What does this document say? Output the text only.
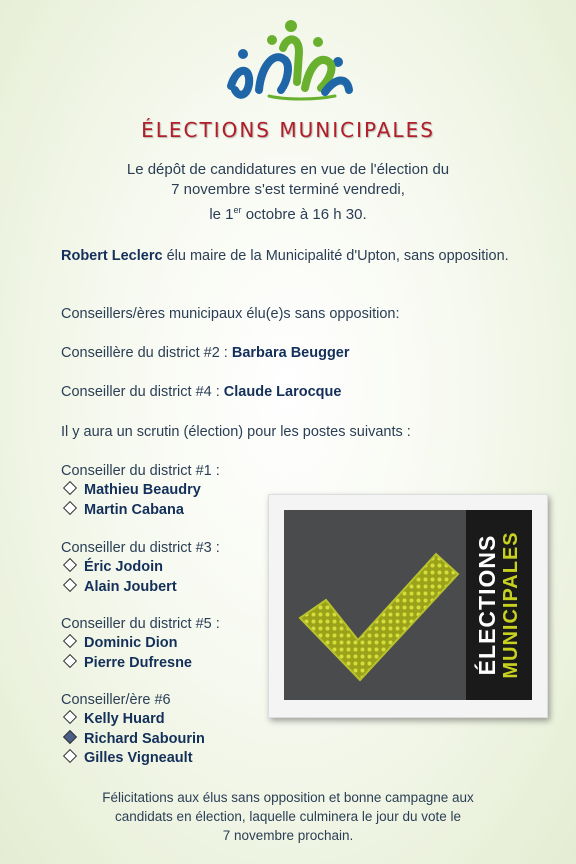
ÉLECTIONS MUNICIPALES
Le dépôt de candidatures en vue de l'élection du
7 novembre s'est terminé vendredi,
le 1er octobre à 16 h 30.
Robert Leclerc élu maire de la Municipalité d'Upton, sans opposition.
Conseillers/ères municipaux élu(e)s sans opposition:
Conseillère du district #2 : Barbara Beugger
Conseiller du district #4 : Claude Larocque
Il y aura un scrutin (élection) pour les postes suivants :
Conseiller du district #1 :
Mathieu Beaudry
Martin Cabana
Conseiller du district #3 :
Éric Jodoin
Alain Joubert
Conseiller du district #5 :
Dominic Dion
Pierre Dufresne
Conseiller/ère #6
Kelly Huard
Richard Sabourin
Gilles Vigneault
ÉLECTIONS MUNICIPALES
Félicitations aux élus sans opposition et bonne campagne aux
candidats en élection, laquelle culminera le jour du vote le
7 novembre prochain.
